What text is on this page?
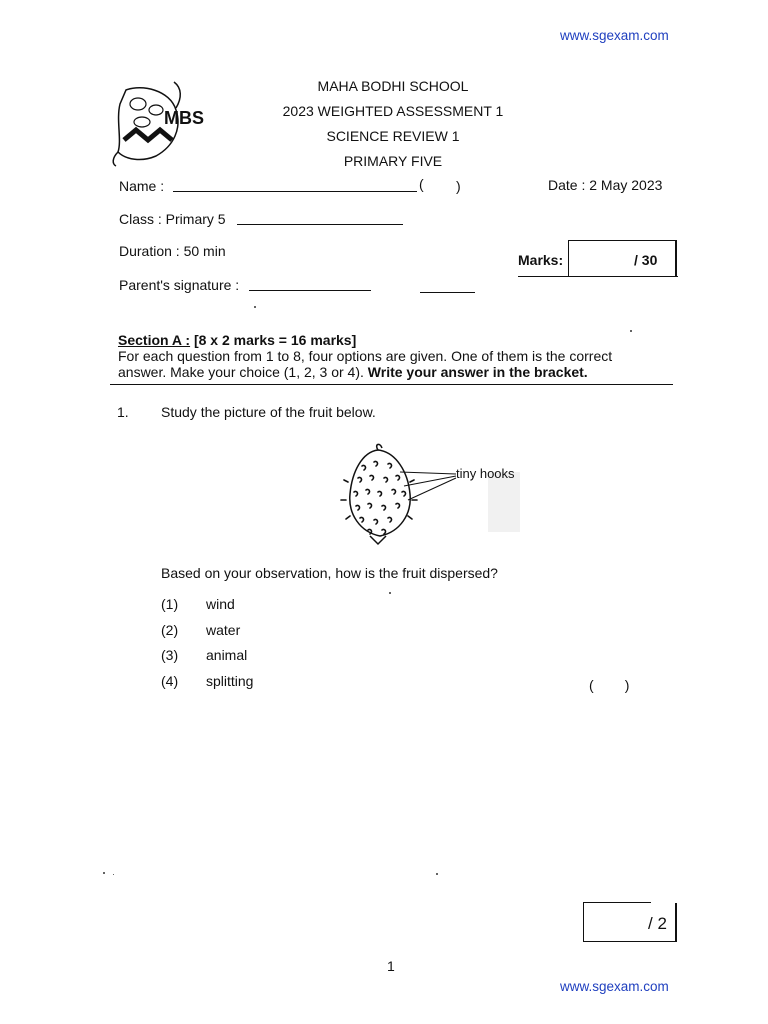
www.sgexam.com
MBS
MAHA BODHI SCHOOL
2023 WEIGHTED ASSESSMENT 1
SCIENCE REVIEW 1
PRIMARY FIVE
Name :	( )	Date : 2 May 2023
Class : Primary 5
Duration : 50 min
Marks:	/ 30
Parent's signature :
Section A : [8 x 2 marks = 16 marks]
For each question from 1 to 8, four options are given. One of them is the correct
answer. Make your choice (1, 2, 3 or 4). Write your answer in the bracket.
1. Study the picture of the fruit below.
tiny hooks
Based on your observation, how is the fruit dispersed?
(1) wind
(2) water
(3) animal
(4) splitting	(        )
/ 2
1
www.sgexam.com
